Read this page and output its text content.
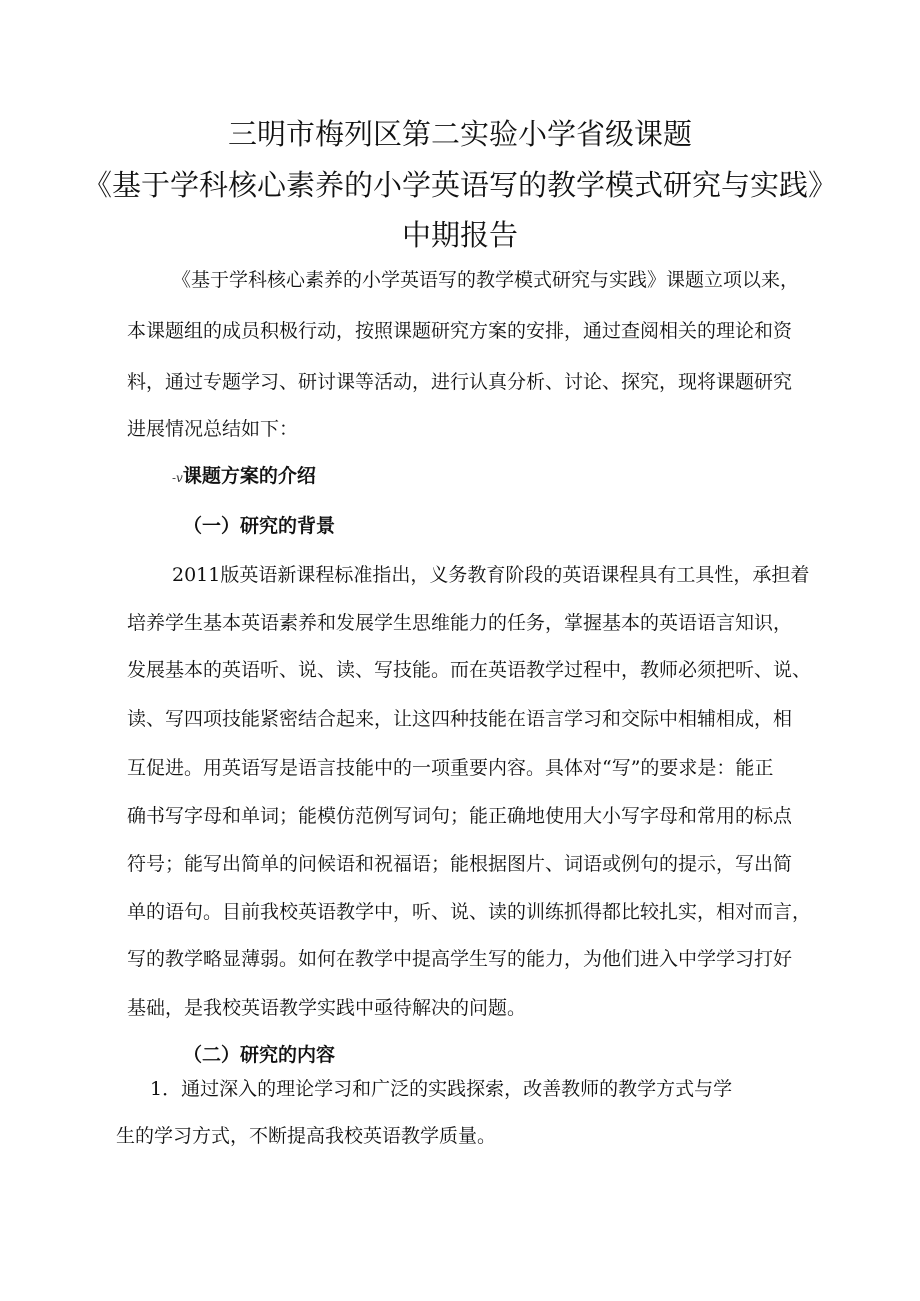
三明市梅列区第二实验小学省级课题
《基于学科核心素养的小学英语写的教学模式研究与实践》
中期报告
《基于学科核心素养的小学英语写的教学模式研究与实践》课题立项以来，
本课题组的成员积极行动，按照课题研究方案的安排，通过查阅相关的理论和资
料，通过专题学习、研讨课等活动，进行认真分析、讨论、探究，现将课题研究
进展情况总结如下：
-v课题方案的介绍
（一）研究的背景
2011版英语新课程标准指出，义务教育阶段的英语课程具有工具性，承担着
培养学生基本英语素养和发展学生思维能力的任务，掌握基本的英语语言知识，
发展基本的英语听、说、读、写技能。而在英语教学过程中，教师必须把听、说、
读、写四项技能紧密结合起来，让这四种技能在语言学习和交际中相辅相成，相
互促进。用英语写是语言技能中的一项重要内容。具体对“写”的要求是：能正
确书写字母和单词；能模仿范例写词句；能正确地使用大小写字母和常用的标点
符号；能写出简单的问候语和祝福语；能根据图片、词语或例句的提示，写出简
单的语句。目前我校英语教学中，听、说、读的训练抓得都比较扎实，相对而言，
写的教学略显薄弱。如何在教学中提高学生写的能力，为他们进入中学学习打好
基础，是我校英语教学实践中亟待解决的问题。
（二）研究的内容
1．通过深入的理论学习和广泛的实践探索，改善教师的教学方式与学
生的学习方式，不断提高我校英语教学质量。
